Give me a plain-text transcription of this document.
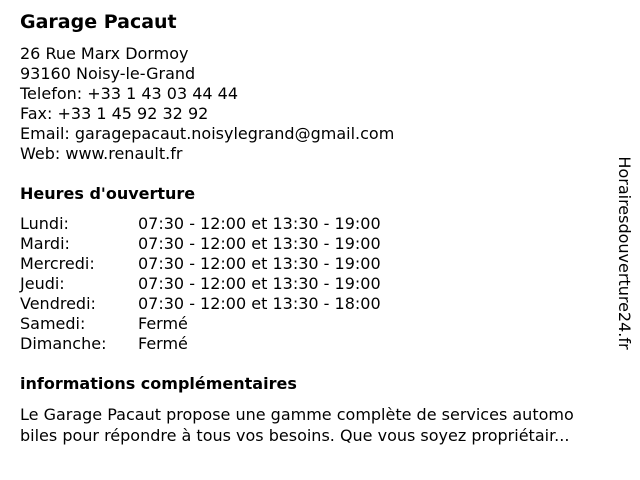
Garage Pacaut
26 Rue Marx Dormoy
93160 Noisy-le-Grand
Telefon: +33 1 43 03 44 44
Fax: +33 1 45 92 32 92
Email: garagepacaut.noisylegrand@gmail.com
Web: www.renault.fr
Heures d'ouverture
Lundi:	07:30 - 12:00 et 13:30 - 19:00
Mardi:	07:30 - 12:00 et 13:30 - 19:00
Mercredi:	07:30 - 12:00 et 13:30 - 19:00
Jeudi:	07:30 - 12:00 et 13:30 - 19:00
Vendredi:	07:30 - 12:00 et 13:30 - 18:00
Samedi:	Fermé
Dimanche: Fermé
informations complémentaires
Le Garage Pacaut propose une gamme complète de services automo
biles pour répondre à tous vos besoins. Que vous soyez propriétair...
Horairesdouverture24.fr
